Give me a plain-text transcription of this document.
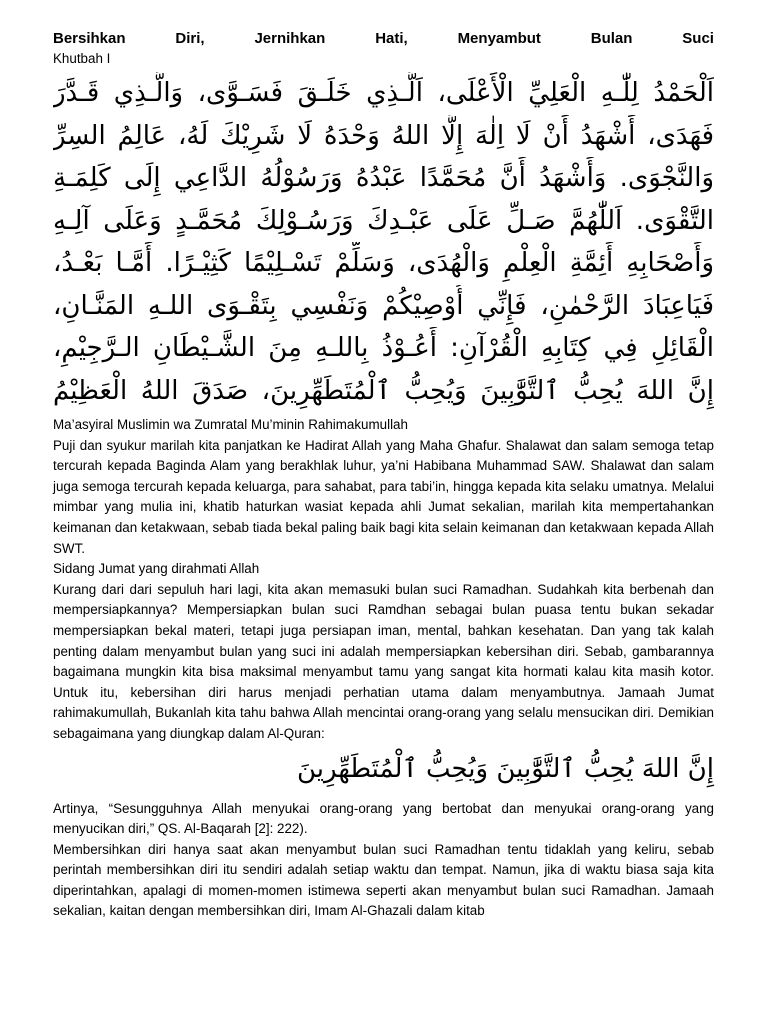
Bersihkan	Diri,	Jernihkan	Hati,	Menyambut	Bulan	Suci

Khutbah I

اَلْحَمْدُ لِلّٰـهِ الْعَلِيِّ الْأَعْلَى، اَلَّـذِي خَلَـقَ فَسَـوَّى، وَالَّـذِي قَـدَّرَ
فَهَدَى، أَشْهَدُ أَنْ لَا اِلٰهَ إِلَّا اللهُ وَحْدَهُ لَا شَرِيْكَ لَهُ، عَالِمُ السِرِّ
وَالنَّجْوَى. وَأَشْهَدُ أَنَّ مُحَمَّدًا عَبْدُهُ وَرَسُوْلُهُ الدَّاعِي إِلَى كَلِمَـةِ
التَّقْوَى. اَللّٰهُمَّ صَـلِّ عَلَى عَبْـدِكَ وَرَسُـوْلِكَ مُحَمَّـدٍ وَعَلَى آلِـهِ
وَأَصْحَابِهِ أَئِمَّةِ الْعِلْمِ وَالْهُدَى، وَسَلِّمْ تَسْـلِيْمًا كَثِيْـرًا. أَمَّـا بَعْـدُ،
فَيَاعِبَادَ الرَّحْمٰنِ، فَإِنِّي أُوْصِيْكُمْ وَنَفْسِي بِتَقْـوَى اللـهِ المَنَّـانِ،
الْقَائِلِ فِي كِتَابِهِ الْقُرْآنِ: أَعُـوْذُ بِاللـهِ مِنَ الشَّـيْطَانِ الـرَّجِيْمِ،
إِنَّ اللهَ يُحِبُّ ٱلتَّوَّٰبِينَ وَيُحِبُّ ٱلْمُتَطَهِّرِينَ، صَدَقَ اللهُ الْعَظِيْمُ

Ma’asyiral Muslimin wa Zumratal Mu’minin Rahimakumullah

Puji dan syukur marilah kita panjatkan ke Hadirat Allah yang Maha Ghafur. Shalawat dan salam semoga tetap tercurah kepada Baginda Alam yang berakhlak luhur, ya’ni Habibana Muhammad SAW. Shalawat dan salam juga semoga tercurah kepada keluarga, para sahabat, para tabi’in, hingga kepada kita selaku umatnya. Melalui mimbar yang mulia ini, khatib haturkan wasiat kepada ahli Jumat sekalian, marilah kita mempertahankan keimanan dan ketakwaan, sebab tiada bekal paling baik bagi kita selain keimanan dan ketakwaan kepada Allah SWT.

Sidang Jumat yang dirahmati Allah

Kurang dari dari sepuluh hari lagi, kita akan memasuki bulan suci Ramadhan. Sudahkah kita berbenah dan mempersiapkannya? Mempersiapkan bulan suci Ramdhan sebagai bulan puasa tentu bukan sekadar mempersiapkan bekal materi, tetapi juga persiapan iman, mental, bahkan kesehatan. Dan yang tak kalah penting dalam menyambut bulan yang suci ini adalah mempersiapkan kebersihan diri. Sebab, gambarannya bagaimana mungkin kita bisa maksimal menyambut tamu yang sangat kita hormati kalau kita masih kotor. Untuk itu, kebersihan diri harus menjadi perhatian utama dalam menyambutnya. Jamaah Jumat rahimakumullah, Bukanlah kita tahu bahwa Allah mencintai orang-orang yang selalu mensucikan diri. Demikian sebagaimana yang diungkap dalam Al-Quran:

إِنَّ اللهَ يُحِبُّ ٱلتَّوَّٰبِينَ وَيُحِبُّ ٱلْمُتَطَهِّرِينَ

Artinya, “Sesungguhnya Allah menyukai orang-orang yang bertobat dan menyukai orang-orang yang menyucikan diri,” QS. Al-Baqarah [2]: 222).

Membersihkan diri hanya saat akan menyambut bulan suci Ramadhan tentu tidaklah yang keliru, sebab perintah membersihkan diri itu sendiri adalah setiap waktu dan tempat. Namun, jika di waktu biasa saja kita diperintahkan, apalagi di momen-momen istimewa seperti akan menyambut bulan suci Ramadhan. Jamaah sekalian, kaitan dengan membersihkan diri, Imam Al-Ghazali dalam kitab
